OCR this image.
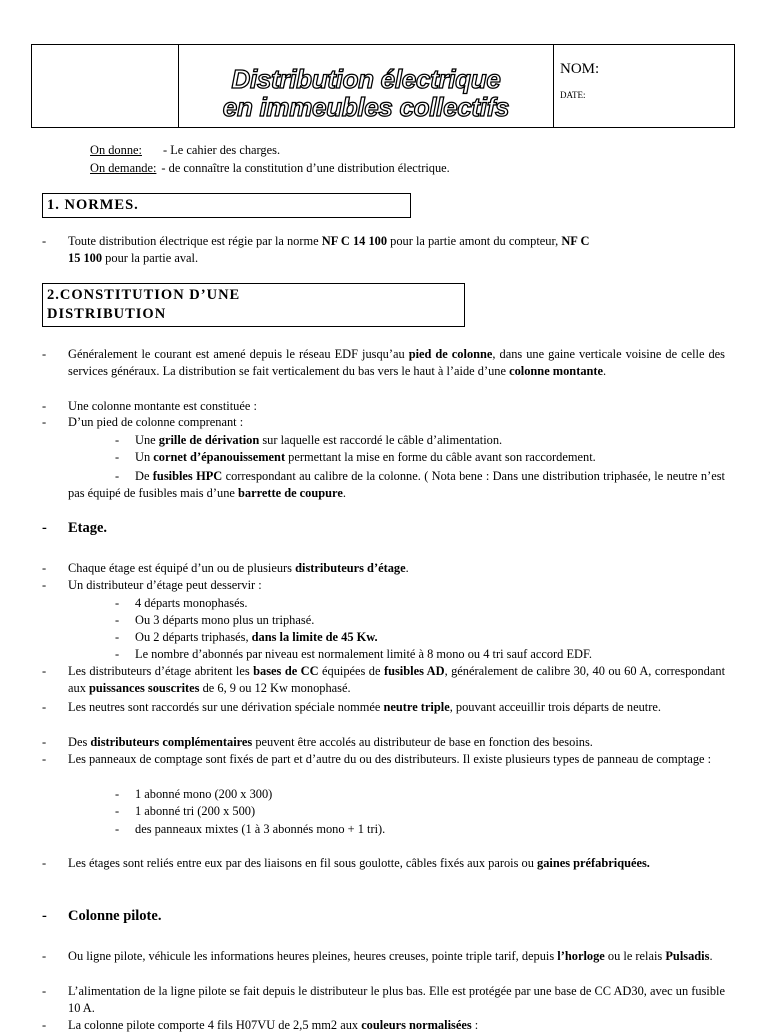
Distribution électrique
en immeubles collectifs
NOM:
DATE:
On donne: - Le cahier des charges.
On demande: - de connaître la constitution d’une distribution électrique.
1. NORMES.
- Toute distribution électrique est régie par la norme NF C 14 100 pour la partie amont du compteur, NF C
15 100 pour la partie aval.
2.CONSTITUTION D’UNE
DISTRIBUTION
- Généralement le courant est amené depuis le réseau EDF jusqu’au pied de colonne, dans une gaine verticale voisine de celle des services généraux. La distribution se fait verticalement du bas vers le haut à l’aide d’une colonne montante.
- Une colonne montante est constituée :
- D’un pied de colonne comprenant :
- Une grille de dérivation sur laquelle est raccordé le câble d’alimentation.
- Un cornet d’épanouissement permettant la mise en forme du câble avant son raccordement.
-	De fusibles HPC correspondant au calibre de la colonne. ( Nota bene : Dans une distribution triphasée, le neutre n’est pas équipé de fusibles mais d’une barrette de coupure.
- Etage.
- Chaque étage est équipé d’un ou de plusieurs distributeurs d’étage.
- Un distributeur d’étage peut desservir :
- 4 départs monophasés.
- Ou 3 départs mono plus un triphasé.
- Ou 2 départs triphasés, dans la limite de 45 Kw.
- Le nombre d’abonnés par niveau est normalement limité à 8 mono ou 4 tri sauf accord EDF.
- Les distributeurs d’étage abritent les bases de CC équipées de fusibles AD, généralement de calibre 30, 40 ou 60 A, correspondant aux puissances souscrites de 6, 9 ou 12 Kw monophasé.
- Les neutres sont raccordés sur une dérivation spéciale nommée neutre triple, pouvant acceuillir trois départs de neutre.
- Des distributeurs complémentaires peuvent être accolés au distributeur de base en fonction des besoins.
- Les panneaux de comptage sont fixés de part et d’autre du ou des distributeurs. Il existe plusieurs types de panneau de comptage :
- 1 abonné mono (200 x 300)
- 1 abonné tri (200 x 500)
- des panneaux mixtes (1 à 3 abonnés mono + 1 tri).
- Les étages sont reliés entre eux par des liaisons en fil sous goulotte, câbles fixés aux parois ou gaines préfabriquées.
- Colonne pilote.
- Ou ligne pilote, véhicule les informations heures pleines, heures creuses, pointe triple tarif, depuis l’horloge ou le relais Pulsadis.
- L’alimentation de la ligne pilote se fait depuis le distributeur le plus bas. Elle est protégée par une base de CC AD30, avec un fusible 10 A.
- La colonne pilote comporte 4 fils H07VU de 2,5 mm2 aux couleurs normalisées :
